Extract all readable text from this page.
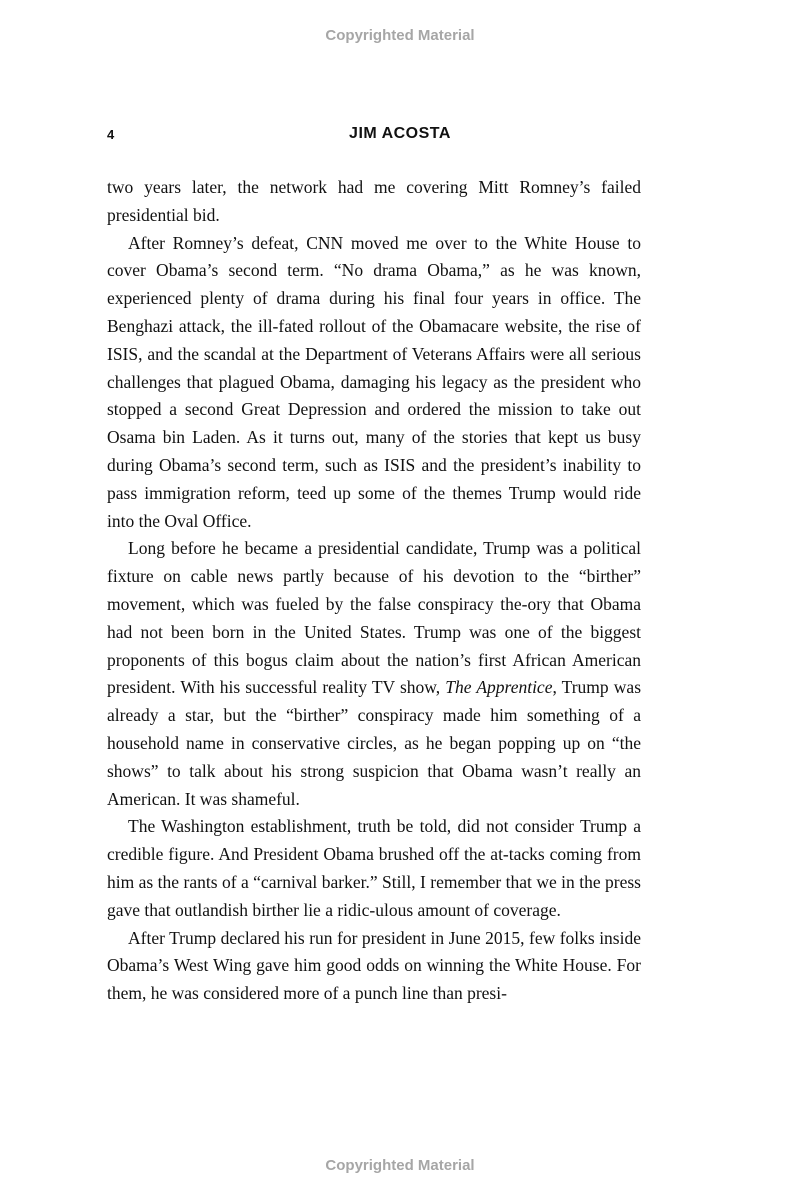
Copyrighted Material
4	JIM ACOSTA

two years later, the network had me covering Mitt Romney’s failed presidential bid.

After Romney’s defeat, CNN moved me over to the White House to cover Obama’s second term. “No drama Obama,” as he was known, experienced plenty of drama during his final four years in office. The Benghazi attack, the ill-fated rollout of the Obamacare website, the rise of ISIS, and the scandal at the Department of Veterans Affairs were all serious challenges that plagued Obama, damaging his legacy as the president who stopped a second Great Depression and ordered the mission to take out Osama bin Laden. As it turns out, many of the stories that kept us busy during Obama’s second term, such as ISIS and the president’s inability to pass immigration reform, teed up some of the themes Trump would ride into the Oval Office.

Long before he became a presidential candidate, Trump was a political fixture on cable news partly because of his devotion to the “birther” movement, which was fueled by the false conspiracy the-ory that Obama had not been born in the United States. Trump was one of the biggest proponents of this bogus claim about the nation’s first African American president. With his successful reality TV show, The Apprentice, Trump was already a star, but the “birther” conspiracy made him something of a household name in conservative circles, as he began popping up on “the shows” to talk about his strong suspicion that Obama wasn’t really an American. It was shameful.

The Washington establishment, truth be told, did not consider Trump a credible figure. And President Obama brushed off the at-tacks coming from him as the rants of a “carnival barker.” Still, I remember that we in the press gave that outlandish birther lie a ridic-ulous amount of coverage.

After Trump declared his run for president in June 2015, few folks inside Obama’s West Wing gave him good odds on winning the White House. For them, he was considered more of a punch line than presi-

Copyrighted Material
